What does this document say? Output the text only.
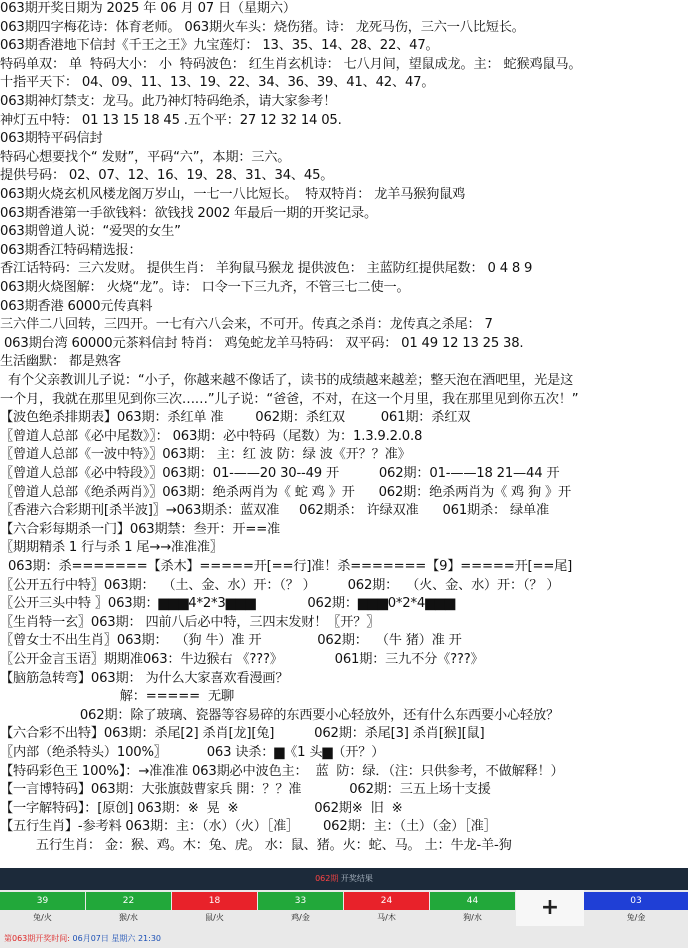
063期开奖日期为 2025 年 06 月 07 日（星期六）
063期四字梅花诗：体育老师。 063期火车头：烧伤猪。诗： 龙死马伤，三六一八比短长。
063期香港地下信封《千王之王》九宝莲灯： 13、35、14、28、22、47。
特码单双： 单  特码大小： 小  特码波色： 红生肖玄机诗： 七八月间，望鼠成龙。主： 蛇猴鸡鼠马。
十指平天下： 04、09、11、13、19、22、34、36、39、41、42、47。
063期神灯禁支：龙马。此乃神灯特码绝杀，请大家参考！
神灯五中特： 01 13 15 18 45 .五个平：27 12 32 14 05.
063期特平码信封
特码心想要找个“ 发财”，平码“六”，本期：三六。
提供号码： 02、07、12、16、19、28、31、34、45。
063期火烧玄机风楼龙阁万岁山，一七一八比短长。  特双特肖： 龙羊马猴狗鼠鸡
063期香港第一手欲钱料：欲钱找 2002 年最后一期的开奖记录。
063期曾道人说：“爱哭的女生”
063期香江特码精选报：
香江话特码：三六发财。 提供生肖： 羊狗鼠马猴龙 提供波色： 主蓝防红提供尾数： 0 4 8 9
063期火烧图解： 火烧“龙”。诗： 口令一下三九齐，不管三七二使一。
063期香港 6000元传真料
三六伴二八回转，三四开。一七有六八会来，不可开。传真之杀肖：龙传真之杀尾： 7
063期台湾 60000元茶料信封 特肖： 鸡兔蛇龙羊马特码： 双平码： 01 49 12 13 25 38.
生活幽默： 都是熟客
有个父亲教训儿子说：“小子，你越来越不像话了，读书的成绩越来越差；整天泡在酒吧里，光是这
一个月，我就在那里见到你三次……”儿子说：“爸爸，不对，在这一个月里，我在那里见到你五次！”
【波色绝杀排期表】063期：杀红单 准        062期：杀红双         061期：杀红双
〖曾道人总部《必中尾数》〗： 063期：必中特码（尾数）为：1.3.9.2.0.8
〖曾道人总部《一波中特》〗063期： 主：红 波 防：绿 波《开？？准》
〖曾道人总部《必中特段》〗063期：01-——20 30--49 开          062期：01-——18 21—44 开
〖曾道人总部《绝杀两肖》〗063期：绝杀两肖为《 蛇 鸡 》开      062期：绝杀两肖为《 鸡 狗 》开
〖香港六合彩期刊[杀半波]〗→063期杀：蓝双准     062期杀： 许绿双准      061期杀： 绿单准
【六合彩每期杀一门】063期禁：叁开：开==准
〖期期精杀 1 行与杀 1 尾→→准准准〗
063期：杀=======【杀木】=====开[==行]准！杀=======【9】=====开[==尾]
〖公开五行中特〗063期：  （土、金、水）开：（？ ）        062期：  （火、金、水）开：（？ ）
〖公开三头中特 〗063期：▆▆▆4*2*3▆▆▆             062期：▆▆▆0*2*4▆▆▆
〖生肖特一玄〗063期： 四前八后必中特，三四末发财！〖开？〗
〖曾女士不出生肖〗063期：  （狗 牛）准 开              062期：  （牛 猪）准 开
〖公开金言玉语〗期期准063：牛边猴右 《???》             061期：三九不分《???》
【脑筋急转弯】063期： 为什么大家喜欢看漫画？
解：=====  无聊
062期：除了玻璃、瓷器等容易碎的东西要小心轻放外，还有什么东西要小心轻放？
【六合彩不出特】063期：杀尾[2] 杀肖[龙][兔]          062期：杀尾[3] 杀肖[猴][鼠]
〖内部（绝杀特头）100%〗          063 诀杀：▆《1 头▆（开？）
【特码彩色王 100%】：→准准准 063期必中波色主：  蓝  防：绿．（注：只供参考，不做解释！）
【一言博特码】063期：大张旗鼓曹家兵 開：？？准            062期：三五上场十支援
【一字解特码】：[原创] 063期：※  晃  ※                   062期※  旧  ※
【五行生肖】-参考料 063期：主：（水）（火）［准］      062期：主：（土）（金）［准］
五行生肖： 金：猴、鸡。木：兔、虎。 水：鼠、猪。火：蛇、马。 土：牛龙-羊-狗
062期 开奖结果
39
兔/火
22
猴/水
18
鼠/火
33
鸡/金
24
马/木
44
狗/水	+	03
兔/金
第063期开奖时间: 06月07日 星期六 21:30
